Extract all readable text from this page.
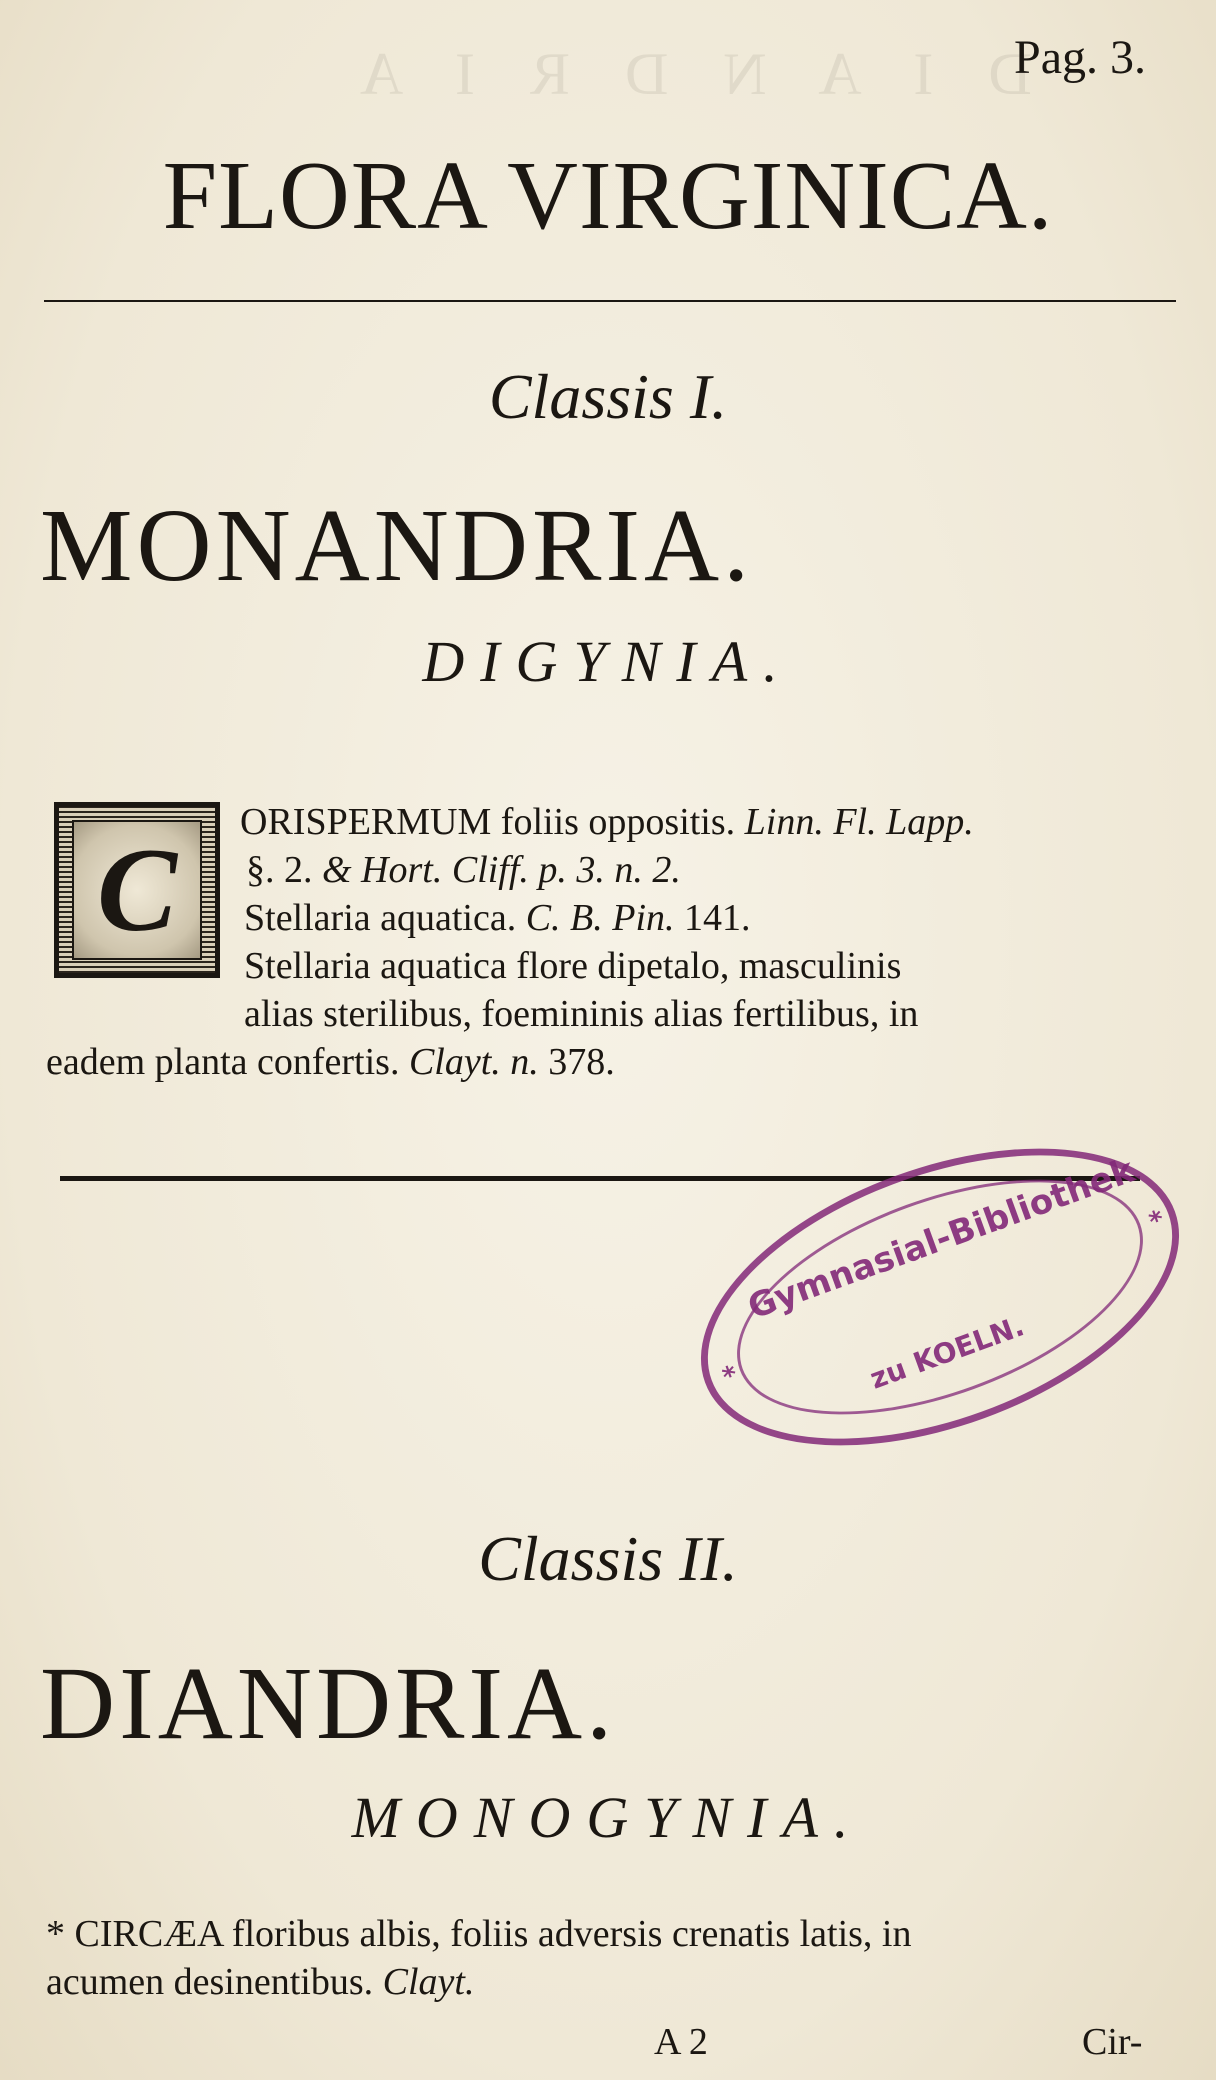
D I A N D R I A

Pag. 3.
FLORA VIRGINICA.
Classis I.
MONANDRIA.
DIGYNIA.
C
ORISPERMUM foliis oppositis. Linn. Fl. Lapp.
§. 2. & Hort. Cliff. p. 3. n. 2.
Stellaria aquatica. C. B. Pin. 141.
Stellaria aquatica flore dipetalo, masculinis
alias sterilibus, foemininis alias fertilibus, in
eadem planta confertis. Clayt. n. 378.
Gymnasial-Bibliothek
zu KOELN.
*
*
Classis II.
DIANDRIA.
MONOGYNIA.
* CIRCÆA floribus albis, foliis adversis crenatis latis, in
acumen desinentibus. Clayt.
A 2	Cir-
